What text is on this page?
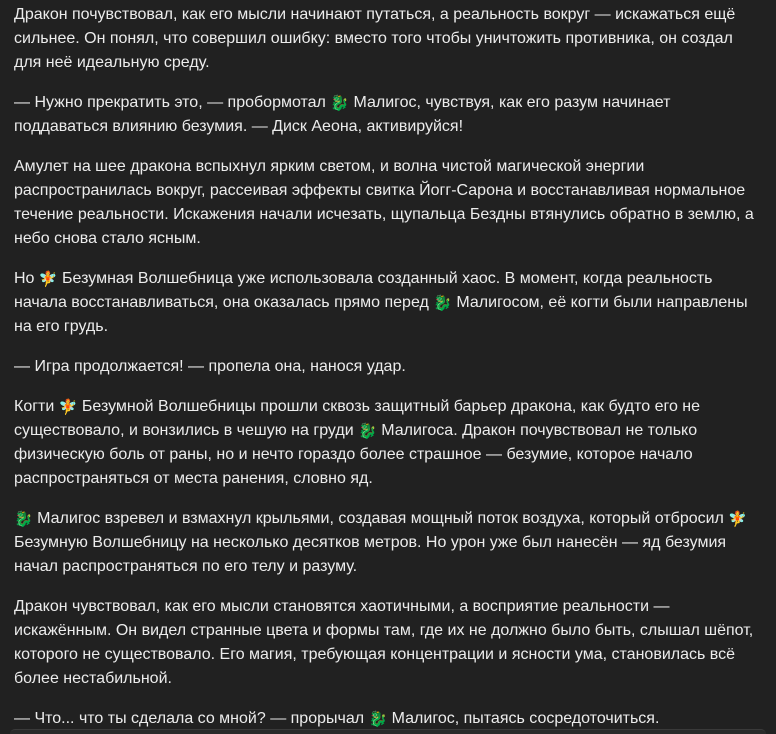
Дракон почувствовал, как его мысли начинают путаться, а реальность вокруг — искажаться ещё сильнее. Он понял, что совершил ошибку: вместо того чтобы уничтожить противника, он создал для неё идеальную среду.

— Нужно прекратить это, — пробормотал 🐉 Малигос, чувствуя, как его разум начинает поддаваться влиянию безумия. — Диск Аеона, активируйся!

Амулет на шее дракона вспыхнул ярким светом, и волна чистой магической энергии распространилась вокруг, рассеивая эффекты свитка Йогг-Сарона и восстанавливая нормальное течение реальности. Искажения начали исчезать, щупальца Бездны втянулись обратно в землю, а небо снова стало ясным.

Но 🧚 Безумная Волшебница уже использовала созданный хаос. В момент, когда реальность начала восстанавливаться, она оказалась прямо перед 🐉 Малигосом, её когти были направлены на его грудь.

— Игра продолжается! — пропела она, нанося удар.

Когти 🧚 Безумной Волшебницы прошли сквозь защитный барьер дракона, как будто его не существовало, и вонзились в чешую на груди 🐉 Малигоса. Дракон почувствовал не только физическую боль от раны, но и нечто гораздо более страшное — безумие, которое начало распространяться от места ранения, словно яд.

🐉 Малигос взревел и взмахнул крыльями, создавая мощный поток воздуха, который отбросил 🧚 Безумную Волшебницу на несколько десятков метров. Но урон уже был нанесён — яд безумия начал распространяться по его телу и разуму.

Дракон чувствовал, как его мысли становятся хаотичными, а восприятие реальности — искажённым. Он видел странные цвета и формы там, где их не должно было быть, слышал шёпот, которого не существовало. Его магия, требующая концентрации и ясности ума, становилась всё более нестабильной.

— Что... что ты сделала со мной? — прорычал 🐉 Малигос, пытаясь сосредоточиться.
